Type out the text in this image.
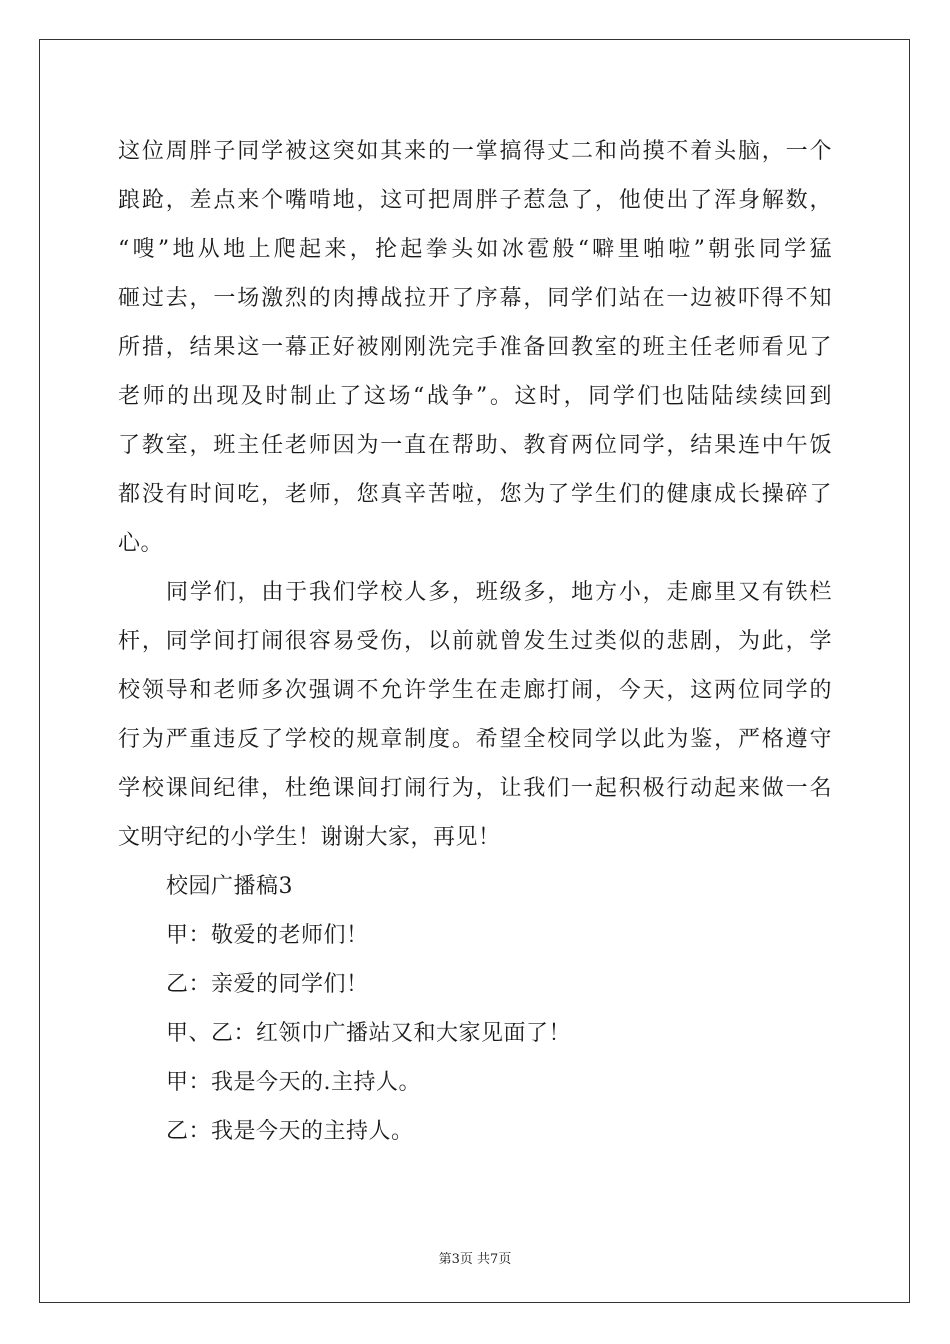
这位周胖子同学被这突如其来的一掌搞得丈二和尚摸不着头脑，一个
踉跄，差点来个嘴啃地，这可把周胖子惹急了，他使出了浑身解数，
“嗖”地从地上爬起来，抡起拳头如冰雹般“噼里啪啦”朝张同学猛
砸过去，一场激烈的肉搏战拉开了序幕，同学们站在一边被吓得不知
所措，结果这一幕正好被刚刚洗完手准备回教室的班主任老师看见了
老师的出现及时制止了这场“战争”。这时，同学们也陆陆续续回到
了教室，班主任老师因为一直在帮助、教育两位同学，结果连中午饭
都没有时间吃，老师，您真辛苦啦，您为了学生们的健康成长操碎了
心。
同学们，由于我们学校人多，班级多，地方小，走廊里又有铁栏
杆，同学间打闹很容易受伤，以前就曾发生过类似的悲剧，为此，学
校领导和老师多次强调不允许学生在走廊打闹，今天，这两位同学的
行为严重违反了学校的规章制度。希望全校同学以此为鉴，严格遵守
学校课间纪律，杜绝课间打闹行为，让我们一起积极行动起来做一名
文明守纪的小学生！谢谢大家，再见！
校园广播稿3
甲：敬爱的老师们！
乙：亲爱的同学们！
甲、乙：红领巾广播站又和大家见面了！
甲：我是今天的.主持人。
乙：我是今天的主持人。
第3页 共7页
